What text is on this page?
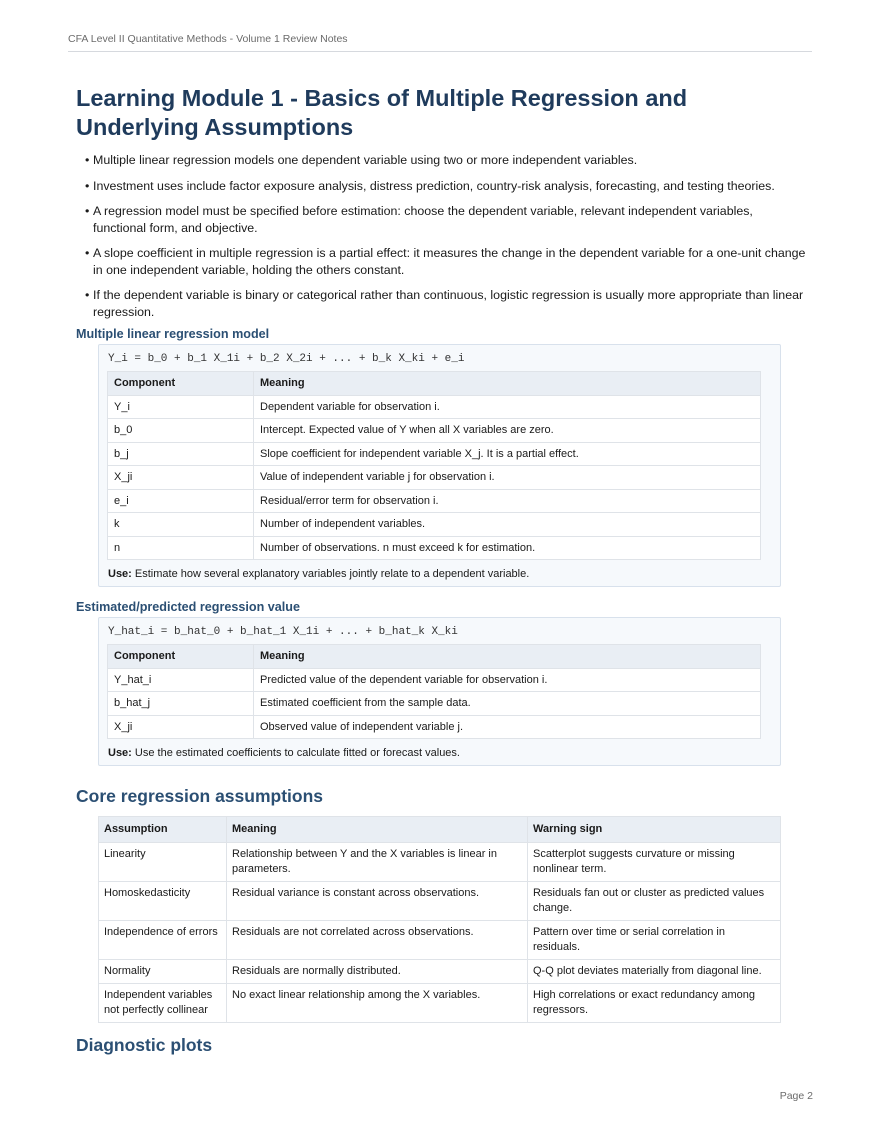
CFA Level II Quantitative Methods - Volume 1 Review Notes
Learning Module 1 - Basics of Multiple Regression and Underlying Assumptions
• Multiple linear regression models one dependent variable using two or more independent variables.
• Investment uses include factor exposure analysis, distress prediction, country-risk analysis, forecasting, and testing theories.
• A regression model must be specified before estimation: choose the dependent variable, relevant independent variables, functional form, and objective.
• A slope coefficient in multiple regression is a partial effect: it measures the change in the dependent variable for a one-unit change in one independent variable, holding the others constant.
• If the dependent variable is binary or categorical rather than continuous, logistic regression is usually more appropriate than linear regression.
Multiple linear regression model
Y_i = b_0 + b_1 X_1i + b_2 X_2i + ... + b_k X_ki + e_i
Component	Meaning
Y_i	Dependent variable for observation i.
b_0	Intercept. Expected value of Y when all X variables are zero.
b_j	Slope coefficient for independent variable X_j. It is a partial effect.
X_ji	Value of independent variable j for observation i.
e_i	Residual/error term for observation i.
k	Number of independent variables.
n	Number of observations. n must exceed k for estimation.
Use: Estimate how several explanatory variables jointly relate to a dependent variable.
Estimated/predicted regression value
Y_hat_i = b_hat_0 + b_hat_1 X_1i + ... + b_hat_k X_ki
Component	Meaning
Y_hat_i	Predicted value of the dependent variable for observation i.
b_hat_j	Estimated coefficient from the sample data.
X_ji	Observed value of independent variable j.
Use: Use the estimated coefficients to calculate fitted or forecast values.
Core regression assumptions
Assumption	Meaning	Warning sign
Linearity	Relationship between Y and the X variables is linear in parameters.	Scatterplot suggests curvature or missing nonlinear term.
Homoskedasticity	Residual variance is constant across observations.	Residuals fan out or cluster as predicted values change.
Independence of errors	Residuals are not correlated across observations.	Pattern over time or serial correlation in residuals.
Normality	Residuals are normally distributed.	Q-Q plot deviates materially from diagonal line.
Independent variables not perfectly collinear	No exact linear relationship among the X variables.	High correlations or exact redundancy among regressors.
Diagnostic plots
Page 2
